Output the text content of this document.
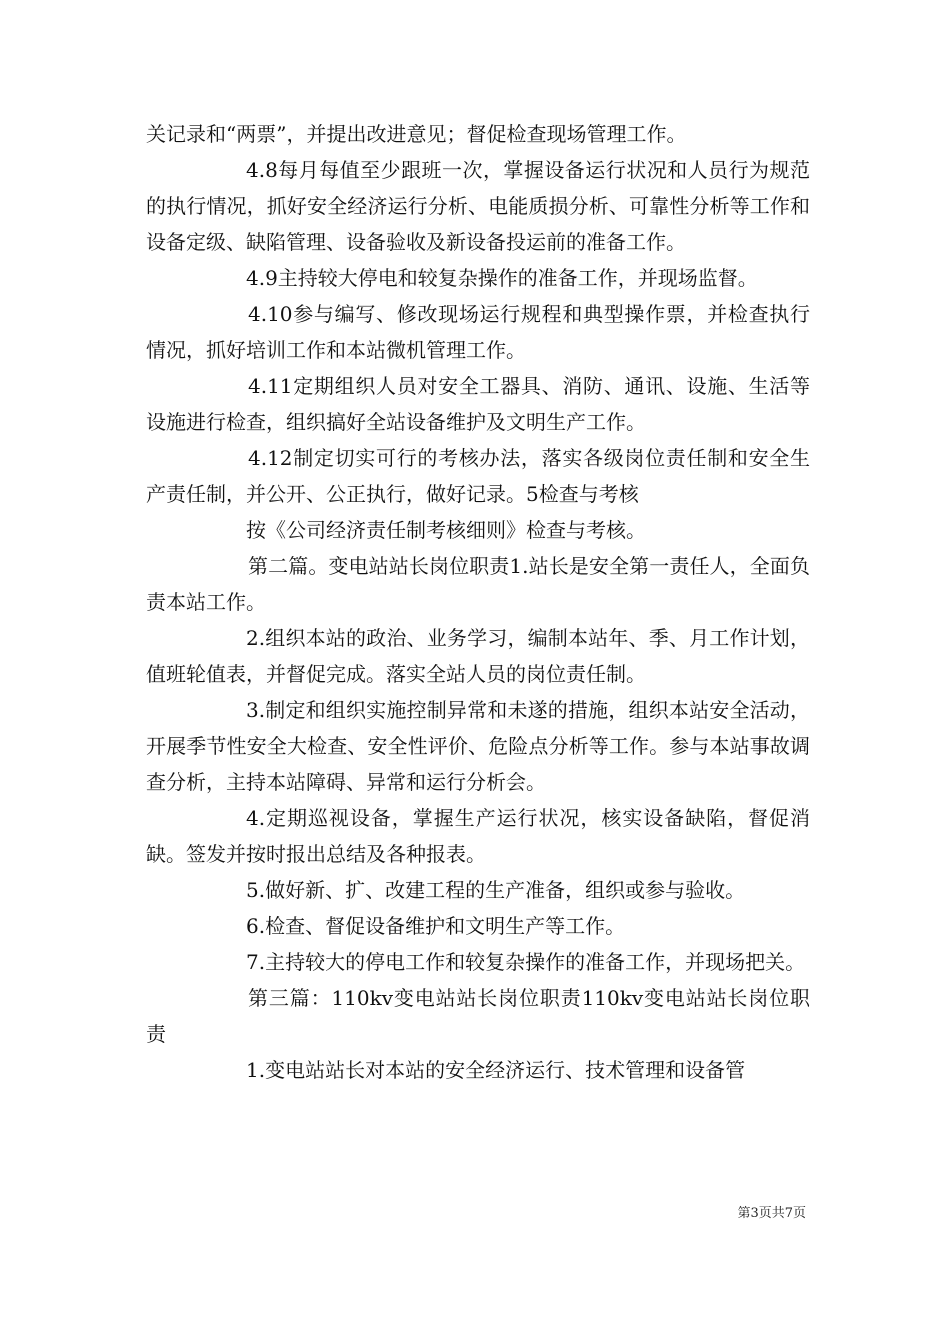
关记录和“两票”，并提出改进意见；督促检查现场管理工作。

4.8每月每值至少跟班一次，掌握设备运行状况和人员行为规范的执行情况，抓好安全经济运行分析、电能质损分析、可靠性分析等工作和设备定级、缺陷管理、设备验收及新设备投运前的准备工作。

4.9主持较大停电和较复杂操作的准备工作，并现场监督。

4.10参与编写、修改现场运行规程和典型操作票，并检查执行情况，抓好培训工作和本站微机管理工作。

4.11定期组织人员对安全工器具、消防、通讯、设施、生活等设施进行检查，组织搞好全站设备维护及文明生产工作。

4.12制定切实可行的考核办法，落实各级岗位责任制和安全生产责任制，并公开、公正执行，做好记录。5检查与考核

按《公司经济责任制考核细则》检查与考核。

第二篇。变电站站长岗位职责1.站长是安全第一责任人，全面负责本站工作。

2.组织本站的政治、业务学习，编制本站年、季、月工作计划，值班轮值表，并督促完成。落实全站人员的岗位责任制。

3.制定和组织实施控制异常和未遂的措施，组织本站安全活动，开展季节性安全大检查、安全性评价、危险点分析等工作。参与本站事故调查分析，主持本站障碍、异常和运行分析会。

4.定期巡视设备，掌握生产运行状况，核实设备缺陷，督促消缺。签发并按时报出总结及各种报表。

5.做好新、扩、改建工程的生产准备，组织或参与验收。

6.检查、督促设备维护和文明生产等工作。

7.主持较大的停电工作和较复杂操作的准备工作，并现场把关。

第三篇：110kv变电站站长岗位职责110kv变电站站长岗位职责

1.变电站站长对本站的安全经济运行、技术管理和设备管

第3页共7页
